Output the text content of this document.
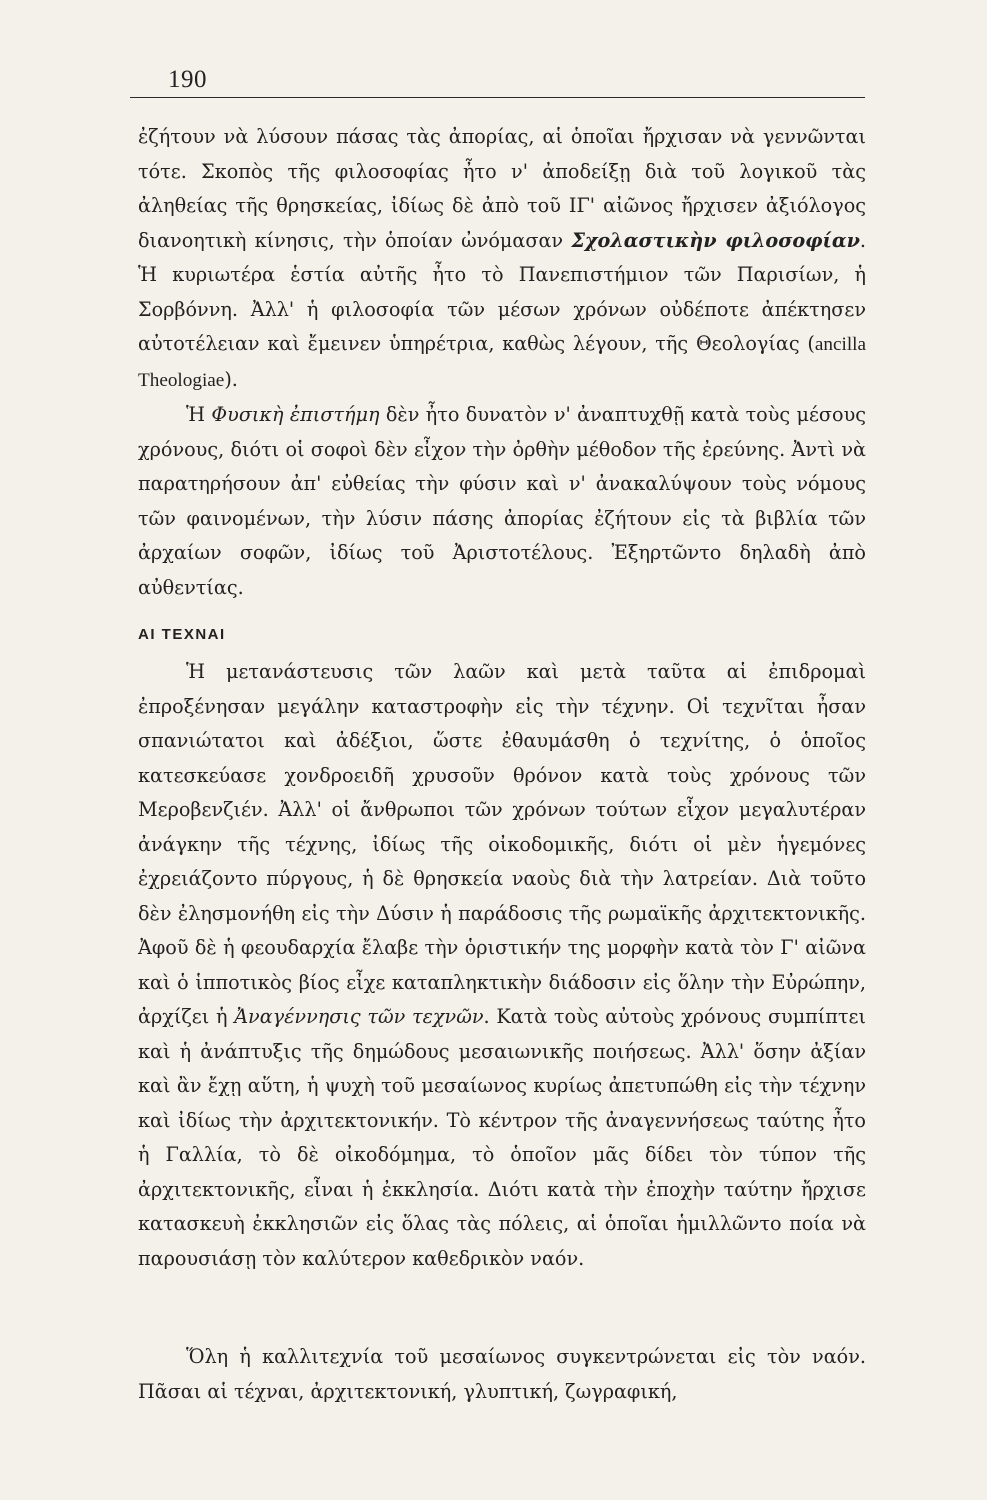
190
ἐζήτουν νὰ λύσουν πάσας τὰς ἀπορίας, αἱ ὁποῖαι ἤρχισαν νὰ γεννῶνται τότε. Σκοπὸς τῆς φιλοσοφίας ἦτο ν' ἀποδείξῃ διὰ τοῦ λογικοῦ τὰς ἀληθείας τῆς θρησκείας, ἰδίως δὲ ἀπὸ τοῦ ΙΓ' αἰῶνος ἤρχισεν ἀξιόλογος διανοητικὴ κίνησις, τὴν ὁποίαν ὠνόμασαν Σχολαστικὴν φιλοσοφίαν. Ἡ κυριωτέρα ἑστία αὐτῆς ἦτο τὸ Πανεπιστήμιον τῶν Παρισίων, ἡ Σορβόννη. Ἀλλ' ἡ φιλοσοφία τῶν μέσων χρόνων οὐδέποτε ἀπέκτησεν αὐτοτέλειαν καὶ ἔμεινεν ὑπηρέτρια, καθὼς λέγουν, τῆς Θεολογίας (ancilla Theologiae).

Ἡ Φυσικὴ ἐπιστήμη δὲν ἦτο δυνατὸν ν' ἀναπτυχθῇ κατὰ τοὺς μέσους χρόνους, διότι οἱ σοφοὶ δὲν εἶχον τὴν ὀρθὴν μέθοδον τῆς ἐρεύνης. Ἀντὶ νὰ παρατηρήσουν ἀπ' εὐθείας τὴν φύσιν καὶ ν' ἀνακαλύψουν τοὺς νόμους τῶν φαινομένων, τὴν λύσιν πάσης ἀπορίας ἐζήτουν εἰς τὰ βιβλία τῶν ἀρχαίων σοφῶν, ἰδίως τοῦ Ἀριστοτέλους. Ἐξηρτῶντο δηλαδὴ ἀπὸ αὐθεντίας.

ΑΙ ΤΕΧΝΑΙ

Ἡ μετανάστευσις τῶν λαῶν καὶ μετὰ ταῦτα αἱ ἐπιδρομαὶ ἐπροξένησαν μεγάλην καταστροφὴν εἰς τὴν τέχνην. Οἱ τεχνῖται ἦσαν σπανιώτατοι καὶ ἀδέξιοι, ὥστε ἐθαυμάσθη ὁ τεχνίτης, ὁ ὁποῖος κατεσκεύασε χονδροειδῆ χρυσοῦν θρόνον κατὰ τοὺς χρόνους τῶν Μεροβενζιέν. Ἀλλ' οἱ ἄνθρωποι τῶν χρόνων τούτων εἶχον μεγαλυτέραν ἀνάγκην τῆς τέχνης, ἰδίως τῆς οἰκοδομικῆς, διότι οἱ μὲν ἡγεμόνες ἐχρειάζοντο πύργους, ἡ δὲ θρησκεία ναοὺς διὰ τὴν λατρείαν. Διὰ τοῦτο δὲν ἐλησμονήθη εἰς τὴν Δύσιν ἡ παράδοσις τῆς ρωμαϊκῆς ἀρχιτεκτονικῆς. Ἀφοῦ δὲ ἡ φεουδαρχία ἔλαβε τὴν ὁριστικήν της μορφὴν κατὰ τὸν Γ' αἰῶνα καὶ ὁ ἱπποτικὸς βίος εἶχε καταπληκτικὴν διάδοσιν εἰς ὅλην τὴν Εὐρώπην, ἀρχίζει ἡ Ἀναγέννησις τῶν τεχνῶν. Κατὰ τοὺς αὐτοὺς χρόνους συμπίπτει καὶ ἡ ἀνάπτυξις τῆς δημώδους μεσαιωνικῆς ποιήσεως. Ἀλλ' ὅσην ἀξίαν καὶ ἂν ἔχῃ αὕτη, ἡ ψυχὴ τοῦ μεσαίωνος κυρίως ἀπετυπώθη εἰς τὴν τέχνην καὶ ἰδίως τὴν ἀρχιτεκτονικήν. Τὸ κέντρον τῆς ἀναγεννήσεως ταύτης ἦτο ἡ Γαλλία, τὸ δὲ οἰκοδόμημα, τὸ ὁποῖον μᾶς δίδει τὸν τύπον τῆς ἀρχιτεκτονικῆς, εἶναι ἡ ἐκκλησία. Διότι κατὰ τὴν ἐποχὴν ταύτην ἤρχισε κατασκευὴ ἐκκλησιῶν εἰς ὅλας τὰς πόλεις, αἱ ὁποῖαι ἡμιλλῶντο ποία νὰ παρουσιάσῃ τὸν καλύτερον καθεδρικὸν ναόν.

Ὅλη ἡ καλλιτεχνία τοῦ μεσαίωνος συγκεντρώνεται εἰς τὸν ναόν. Πᾶσαι αἱ τέχναι, ἀρχιτεκτονική, γλυπτική, ζωγραφική,
